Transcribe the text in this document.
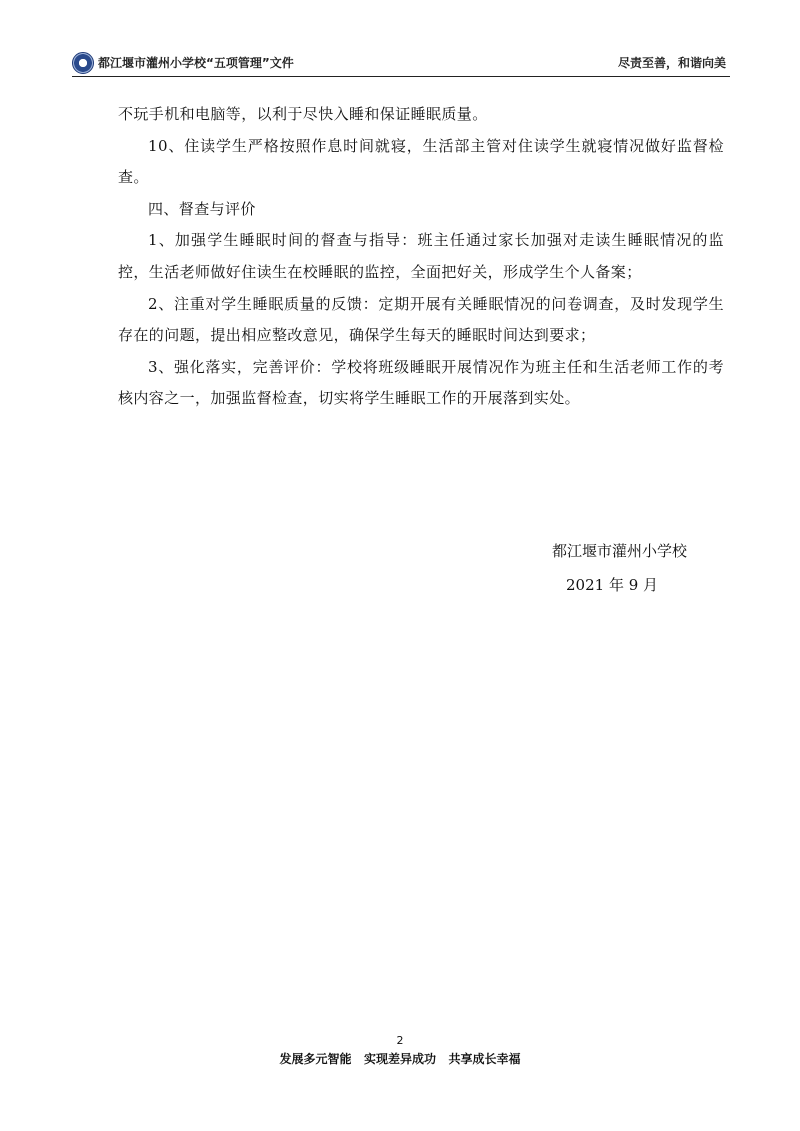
都江堰市灌州小学校“五项管理”文件	尽责至善，和谐向美

不玩手机和电脑等，以利于尽快入睡和保证睡眠质量。

10、住读学生严格按照作息时间就寝，生活部主管对住读学生就寝情况做好监督检查。

四、督查与评价

1、加强学生睡眠时间的督查与指导：班主任通过家长加强对走读生睡眠情况的监控，生活老师做好住读生在校睡眠的监控，全面把好关，形成学生个人备案；

2、注重对学生睡眠质量的反馈：定期开展有关睡眠情况的问卷调查，及时发现学生存在的问题，提出相应整改意见，确保学生每天的睡眠时间达到要求；

3、强化落实，完善评价：学校将班级睡眠开展情况作为班主任和生活老师工作的考核内容之一，加强监督检查，切实将学生睡眠工作的开展落到实处。

都江堰市灌州小学校
2021 年 9 月
2
发展多元智能   实现差异成功   共享成长幸福
